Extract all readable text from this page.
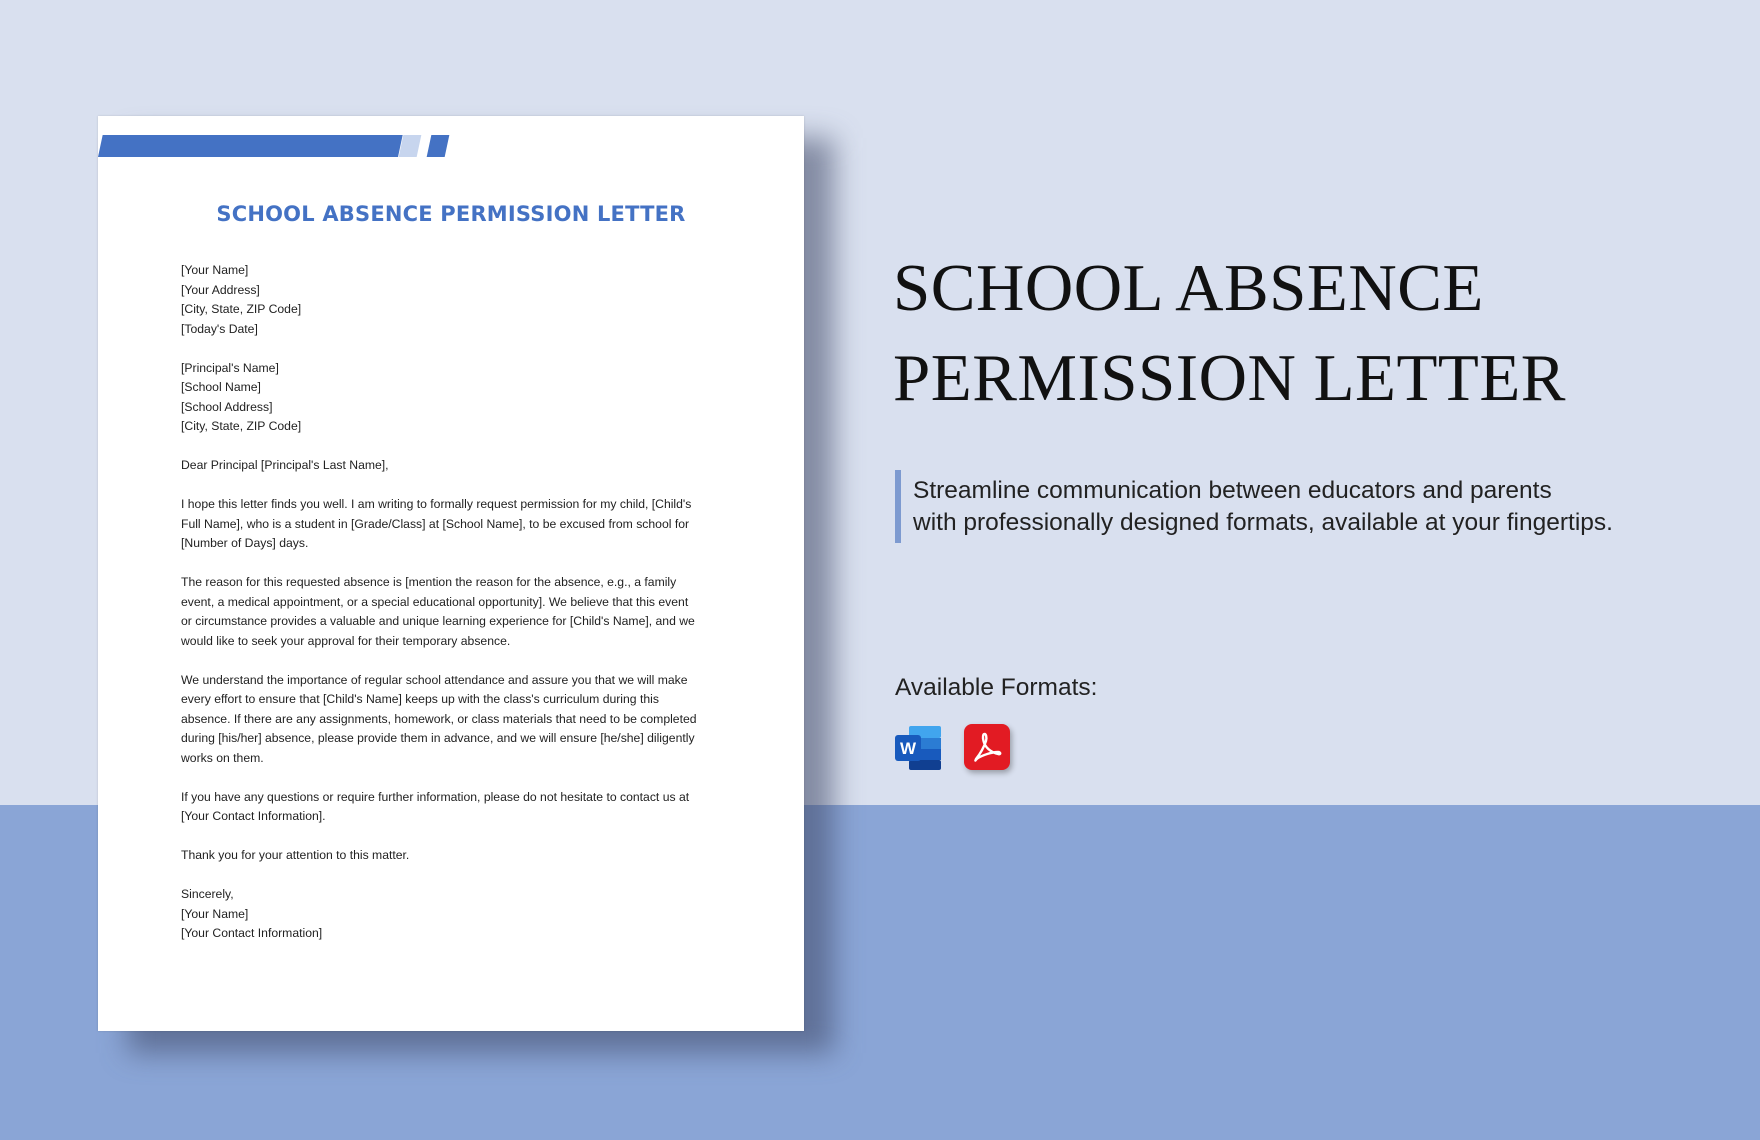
SCHOOL ABSENCE PERMISSION LETTER
[Your Name]
[Your Address]
[City, State, ZIP Code]
[Today's Date]
[Principal's Name]
[School Name]
[School Address]
[City, State, ZIP Code]
Dear Principal [Principal's Last Name],
I hope this letter finds you well. I am writing to formally request permission for my child, [Child's
Full Name], who is a student in [Grade/Class] at [School Name], to be excused from school for
[Number of Days] days.
The reason for this requested absence is [mention the reason for the absence, e.g., a family
event, a medical appointment, or a special educational opportunity]. We believe that this event
or circumstance provides a valuable and unique learning experience for [Child's Name], and we
would like to seek your approval for their temporary absence.
We understand the importance of regular school attendance and assure you that we will make
every effort to ensure that [Child's Name] keeps up with the class's curriculum during this
absence. If there are any assignments, homework, or class materials that need to be completed
during [his/her] absence, please provide them in advance, and we will ensure [he/she] diligently
works on them.
If you have any questions or require further information, please do not hesitate to contact us at
[Your Contact Information].
Thank you for your attention to this matter.
Sincerely,
[Your Name]
[Your Contact Information]
SCHOOL ABSENCE
PERMISSION LETTER
Streamline communication between educators and parents
with professionally designed formats, available at your fingertips.
Available Formats:
W
